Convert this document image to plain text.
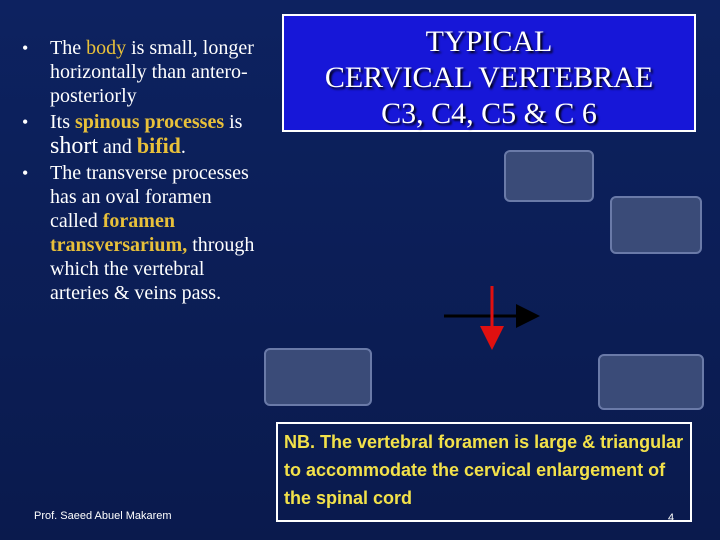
• The body is small, longer horizontally than antero-posteriorly
• Its spinous processes is short and bifid.
• The transverse processes has an oval foramen called foramen transversarium, through which the vertebral arteries & veins pass.
TYPICAL
CERVICAL VERTEBRAE
C3, C4, C5 & C 6
NB. The vertebral foramen is large & triangular to accommodate the cervical enlargement of the spinal cord
Prof. Saeed Abuel Makarem	4
